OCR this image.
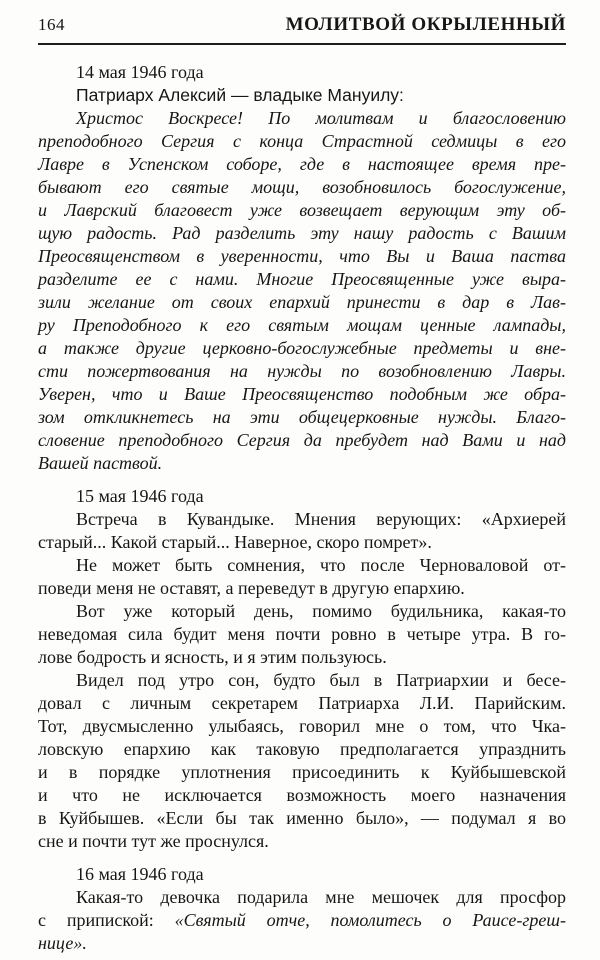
164	МОЛИТВОЙ ОКРЫЛЕННЫЙ
14 мая 1946 года
Патриарх Алексий — владыке Мануилу:
Христос Воскресе! По молитвам и благословению
преподобного Сергия с конца Страстной седмицы в его
Лавре в Успенском соборе, где в настоящее время пре-
бывают его святые мощи, возобновилось богослужение,
и Лаврский благовест уже возвещает верующим эту об-
щую радость. Рад разделить эту нашу радость с Вашим
Преосвященством в уверенности, что Вы и Ваша паства
разделите ее с нами. Многие Преосвященные уже выра-
зили желание от своих епархий принести в дар в Лав-
ру Преподобного к его святым мощам ценные лампады,
а также другие церковно-богослужебные предметы и вне-
сти пожертвования на нужды по возобновлению Лавры.
Уверен, что и Ваше Преосвященство подобным же обра-
зом откликнетесь на эти общецерковные нужды. Благо-
словение преподобного Сергия да пребудет над Вами и над
Вашей паствой.
15 мая 1946 года
Встреча в Кувандыке. Мнения верующих: «Архиерей
старый... Какой старый... Наверное, скоро помрет».
Не может быть сомнения, что после Черноваловой от-
поведи меня не оставят, а переведут в другую епархию.
Вот уже который день, помимо будильника, какая-то
неведомая сила будит меня почти ровно в четыре утра. В го-
лове бодрость и ясность, и я этим пользуюсь.
Видел под утро сон, будто был в Патриархии и бесе-
довал с личным секретарем Патриарха Л.И. Парийским.
Тот, двусмысленно улыбаясь, говорил мне о том, что Чка-
ловскую епархию как таковую предполагается упразднить
и в порядке уплотнения присоединить к Куйбышевской
и что не исключается возможность моего назначения
в Куйбышев. «Если бы так именно было», — подумал я во
сне и почти тут же проснулся.
16 мая 1946 года
Какая-то девочка подарила мне мешочек для просфор
с припиской: «Святый отче, помолитесь о Раисе-греш-
нице».
